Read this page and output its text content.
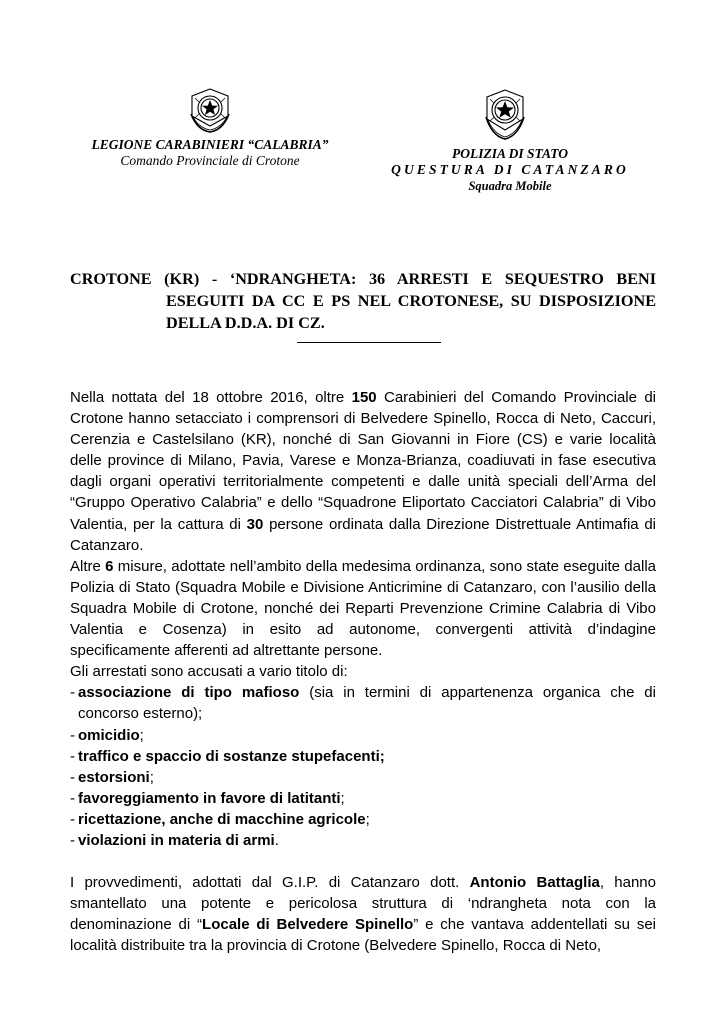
LEGIONE CARABINIERI “CALABRIA”
Comando Provinciale di Crotone	POLIZIA DI STATO
QUESTURA DI CATANZARO
Squadra Mobile
CROTONE (KR) - ‘NDRANGHETA: 36 ARRESTI E SEQUESTRO BENI
ESEGUITI DA CC E PS NEL CROTONESE, SU DISPOSIZIONE
DELLA D.D.A. DI CZ.

Nella nottata del 18 ottobre 2016, oltre 150 Carabinieri del Comando Provinciale di Crotone hanno setacciato i comprensori di Belvedere Spinello, Rocca di Neto, Caccuri, Cerenzia e Castelsilano (KR), nonché di San Giovanni in Fiore (CS) e varie località delle province di Milano, Pavia, Varese e Monza-Brianza, coadiuvati in fase esecutiva dagli organi operativi territorialmente competenti e dalle unità speciali dell’Arma del “Gruppo Operativo Calabria” e dello “Squadrone Eliportato Cacciatori Calabria” di Vibo Valentia, per la cattura di 30 persone ordinata dalla Direzione Distrettuale Antimafia di Catanzaro.

Altre 6 misure, adottate nell’ambito della medesima ordinanza, sono state eseguite dalla Polizia di Stato (Squadra Mobile e Divisione Anticrimine di Catanzaro, con l’ausilio della Squadra Mobile di Crotone, nonché dei Reparti Prevenzione Crimine Calabria di Vibo Valentia e Cosenza) in esito ad autonome, convergenti attività d’indagine specificamente afferenti ad altrettante persone.

Gli arrestati sono accusati a vario titolo di:

- associazione di tipo mafioso (sia in termini di appartenenza organica che di concorso esterno);
- omicidio;
- traffico e spaccio di sostanze stupefacenti;
- estorsioni;
- favoreggiamento in favore di latitanti;
- ricettazione, anche di macchine agricole;
- violazioni in materia di armi.

I provvedimenti, adottati dal G.I.P. di Catanzaro dott. Antonio Battaglia, hanno smantellato una potente e pericolosa struttura di ‘ndrangheta nota con la denominazione di “Locale di Belvedere Spinello” e che vantava addentellati su sei località distribuite tra la provincia di Crotone (Belvedere Spinello, Rocca di Neto,
